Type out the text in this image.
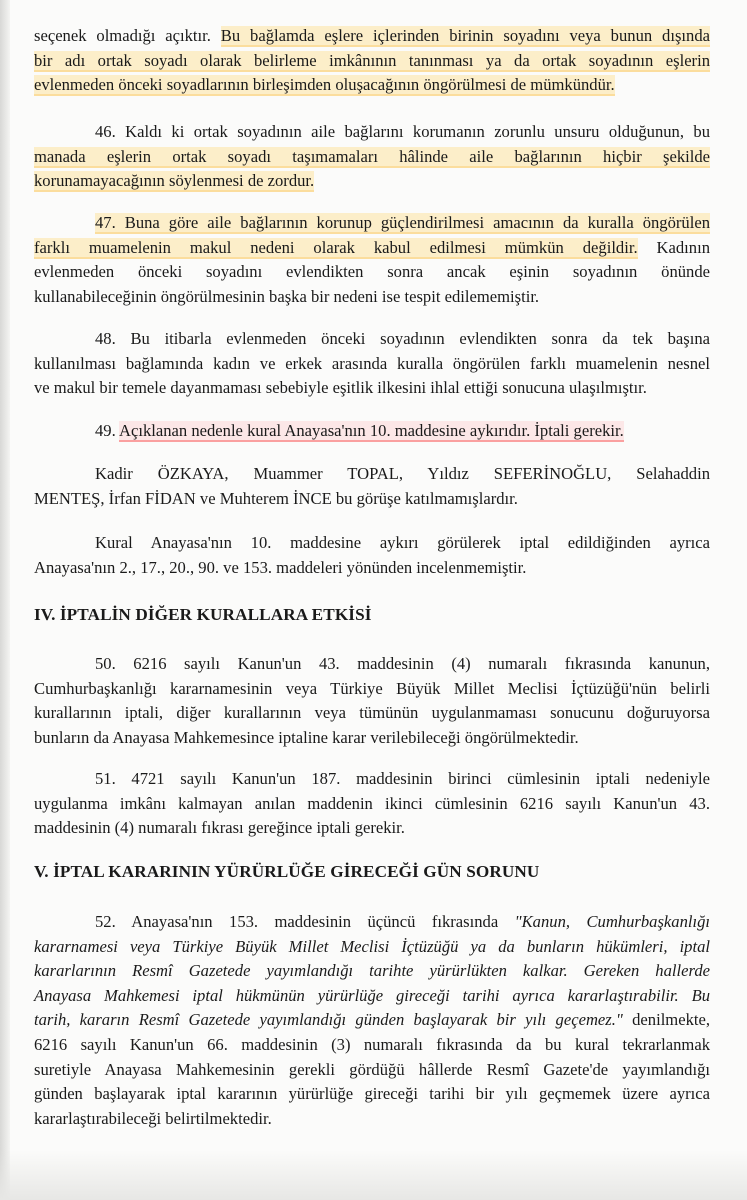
seçenek olmadığı açıktır. Bu bağlamda eşlere içlerinden birinin soyadını veya bunun dışında
bir adı ortak soyadı olarak belirleme imkânının tanınması ya da ortak soyadının eşlerin
evlenmeden önceki soyadlarının birleşimden oluşacağının öngörülmesi de mümkündür.
46. Kaldı ki ortak soyadının aile bağlarını korumanın zorunlu unsuru olduğunun, bu
manada eşlerin ortak soyadı taşımamaları hâlinde aile bağlarının hiçbir şekilde
korunamayacağının söylenmesi de zordur.
47. Buna göre aile bağlarının korunup güçlendirilmesi amacının da kuralla öngörülen
farklı muamelenin makul nedeni olarak kabul edilmesi mümkün değildir. Kadının
evlenmeden önceki soyadını evlendikten sonra ancak eşinin soyadının önünde
kullanabileceğinin öngörülmesinin başka bir nedeni ise tespit edilememiştir.
48. Bu itibarla evlenmeden önceki soyadının evlendikten sonra da tek başına
kullanılması bağlamında kadın ve erkek arasında kuralla öngörülen farklı muamelenin nesnel
ve makul bir temele dayanmaması sebebiyle eşitlik ilkesini ihlal ettiği sonucuna ulaşılmıştır.
49. Açıklanan nedenle kural Anayasa'nın 10. maddesine aykırıdır. İptali gerekir.
Kadir ÖZKAYA, Muammer TOPAL, Yıldız SEFERİNOĞLU, Selahaddin
MENTEŞ, İrfan FİDAN ve Muhterem İNCE bu görüşe katılmamışlardır.
Kural Anayasa'nın 10. maddesine aykırı görülerek iptal edildiğinden ayrıca
Anayasa'nın 2., 17., 20., 90. ve 153. maddeleri yönünden incelenmemiştir.
IV. İPTALİN DİĞER KURALLARA ETKİSİ
50. 6216 sayılı Kanun'un 43. maddesinin (4) numaralı fıkrasında kanunun,
Cumhurbaşkanlığı kararnamesinin veya Türkiye Büyük Millet Meclisi İçtüzüğü'nün belirli
kurallarının iptali, diğer kurallarının veya tümünün uygulanmaması sonucunu doğuruyorsa
bunların da Anayasa Mahkemesince iptaline karar verilebileceği öngörülmektedir.
51. 4721 sayılı Kanun'un 187. maddesinin birinci cümlesinin iptali nedeniyle
uygulanma imkânı kalmayan anılan maddenin ikinci cümlesinin 6216 sayılı Kanun'un 43.
maddesinin (4) numaralı fıkrası gereğince iptali gerekir.
V. İPTAL KARARININ YÜRÜRLÜĞE GİRECEĞİ GÜN SORUNU
52. Anayasa'nın 153. maddesinin üçüncü fıkrasında "Kanun, Cumhurbaşkanlığı
kararnamesi veya Türkiye Büyük Millet Meclisi İçtüzüğü ya da bunların hükümleri, iptal
kararlarının Resmî Gazetede yayımlandığı tarihte yürürlükten kalkar. Gereken hallerde
Anayasa Mahkemesi iptal hükmünün yürürlüğe gireceği tarihi ayrıca kararlaştırabilir. Bu
tarih, kararın Resmî Gazetede yayımlandığı günden başlayarak bir yılı geçemez." denilmekte,
6216 sayılı Kanun'un 66. maddesinin (3) numaralı fıkrasında da bu kural tekrarlanmak
suretiyle Anayasa Mahkemesinin gerekli gördüğü hâllerde Resmî Gazete'de yayımlandığı
günden başlayarak iptal kararının yürürlüğe gireceği tarihi bir yılı geçmemek üzere ayrıca
kararlaştırabileceği belirtilmektedir.
